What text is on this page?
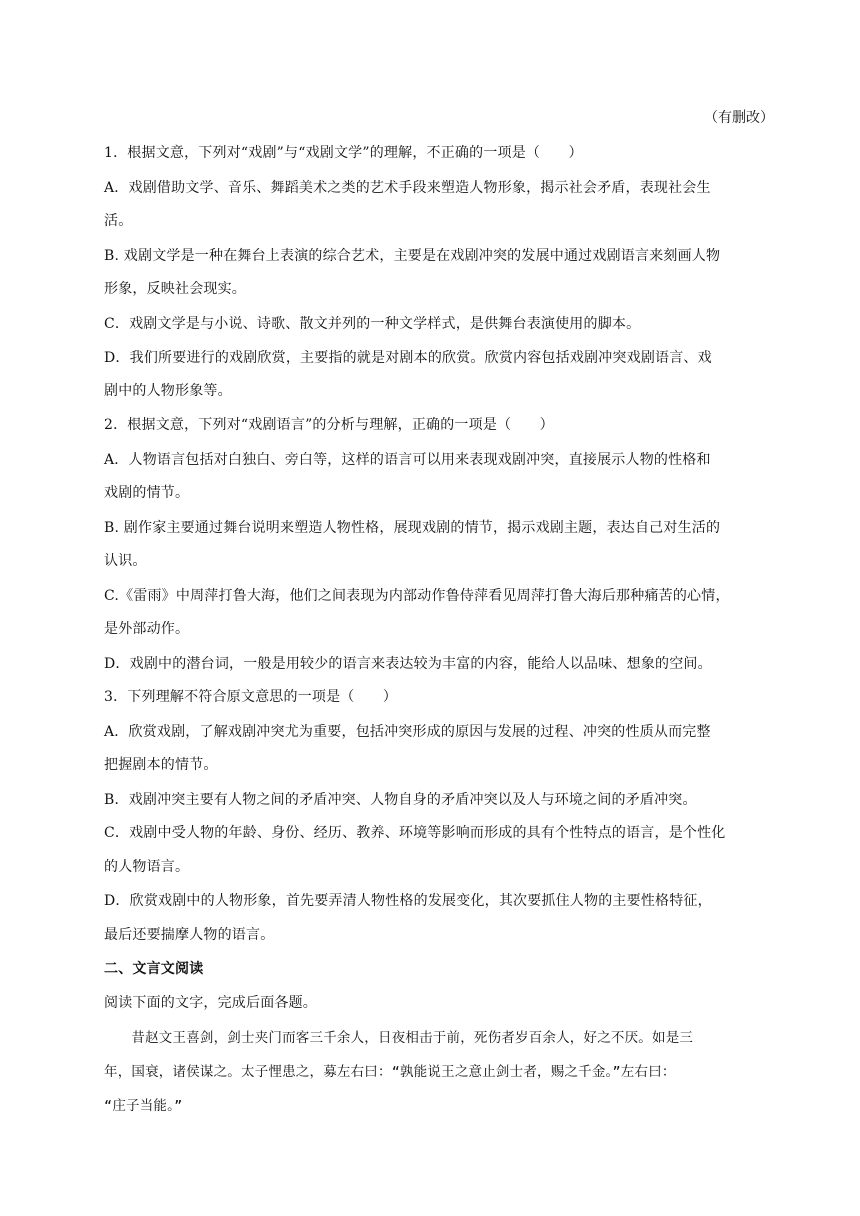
（有删改）
1．根据文意，下列对“戏剧”与“戏剧文学”的理解，不正确的一项是（　　）
A．戏剧借助文学、音乐、舞蹈美术之类的艺术手段来塑造人物形象，揭示社会矛盾，表现社会生
活。
B. 戏剧文学是一种在舞台上表演的综合艺术，主要是在戏剧冲突的发展中通过戏剧语言来刻画人物
形象，反映社会现实。
C．戏剧文学是与小说、诗歌、散文并列的一种文学样式，是供舞台表演使用的脚本。
D．我们所要进行的戏剧欣赏，主要指的就是对剧本的欣赏。欣赏内容包括戏剧冲突戏剧语言、戏
剧中的人物形象等。
2．根据文意，下列对“戏剧语言”的分析与理解，正确的一项是（　　）
A．人物语言包括对白独白、旁白等，这样的语言可以用来表现戏剧冲突，直接展示人物的性格和
戏剧的情节。
B. 剧作家主要通过舞台说明来塑造人物性格，展现戏剧的情节，揭示戏剧主题，表达自己对生活的
认识。
C.《雷雨》中周萍打鲁大海，他们之间表现为内部动作鲁侍萍看见周萍打鲁大海后那种痛苦的心情，
是外部动作。
D．戏剧中的潜台词，一般是用较少的语言来表达较为丰富的内容，能给人以品味、想象的空间。
3．下列理解不符合原文意思的一项是（　　）
A．欣赏戏剧，了解戏剧冲突尤为重要，包括冲突形成的原因与发展的过程、冲突的性质从而完整
把握剧本的情节。
B．戏剧冲突主要有人物之间的矛盾冲突、人物自身的矛盾冲突以及人与环境之间的矛盾冲突。
C．戏剧中受人物的年龄、身份、经历、教养、环境等影响而形成的具有个性特点的语言，是个性化
的人物语言。
D．欣赏戏剧中的人物形象，首先要弄清人物性格的发展变化，其次要抓住人物的主要性格特征，
最后还要揣摩人物的语言。
二、文言文阅读
阅读下面的文字，完成后面各题。
　　昔赵文王喜剑，剑士夹门而客三千余人，日夜相击于前，死伤者岁百余人，好之不厌。如是三
年，国衰，诸侯谋之。太子悝患之，募左右曰：“孰能说王之意止剑士者，赐之千金。”左右曰：
“庄子当能。”
